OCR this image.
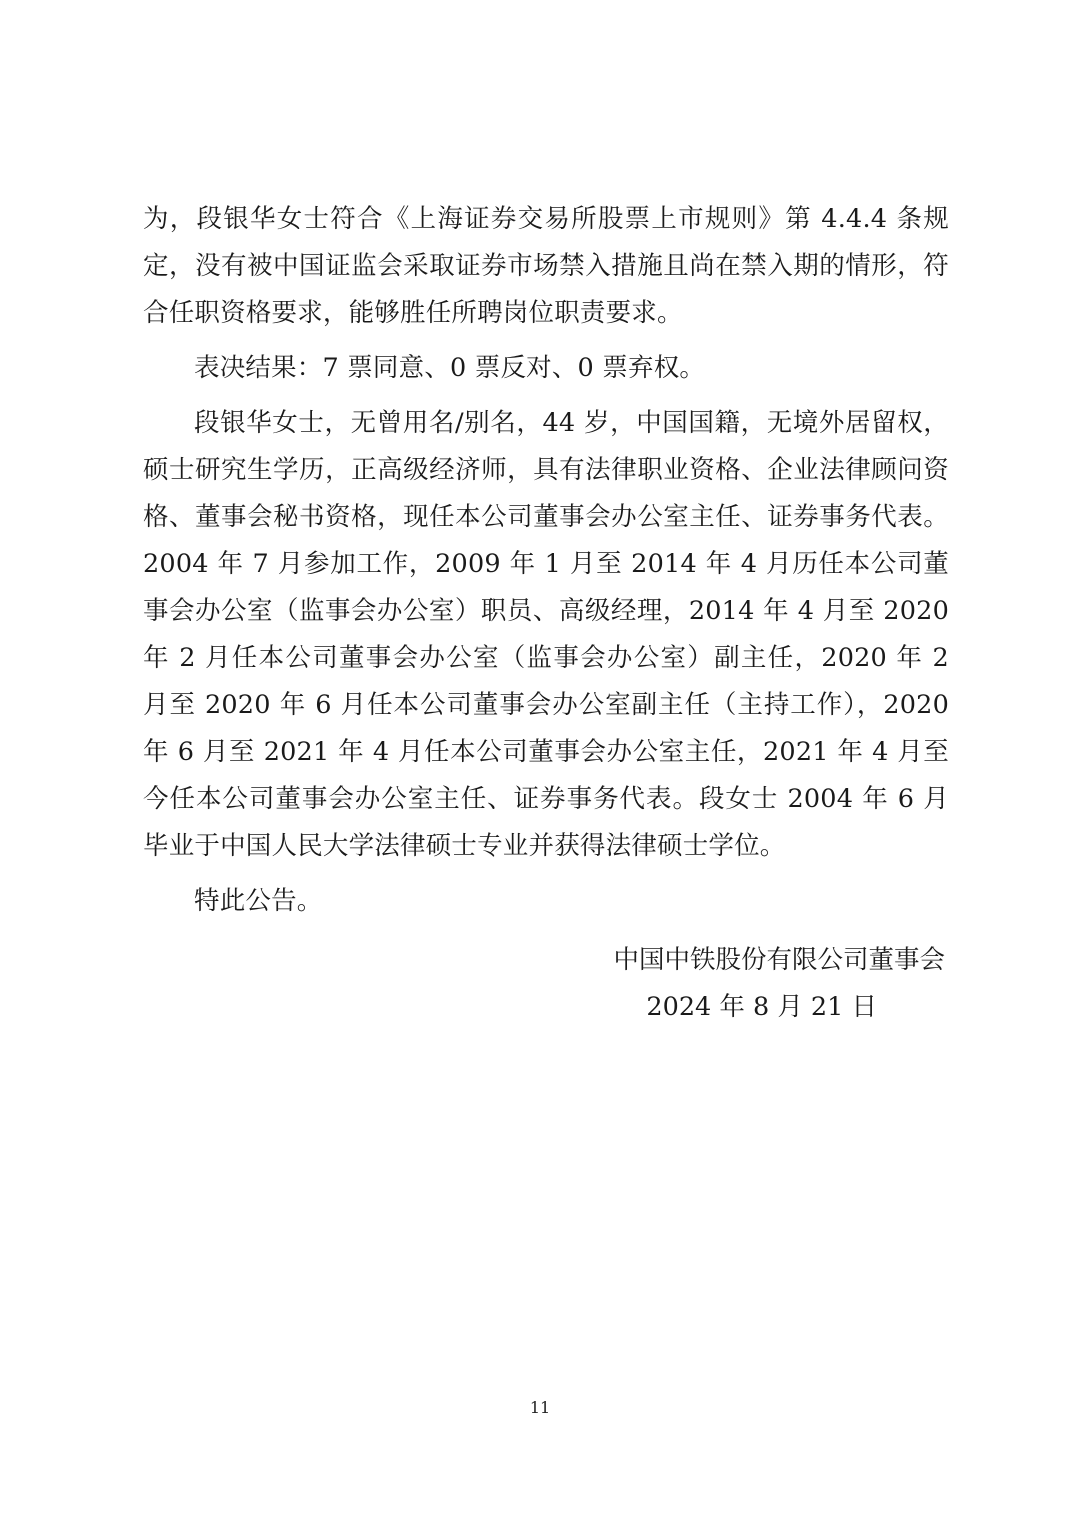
为，段银华女士符合《上海证券交易所股票上市规则》第 4.4.4 条规定，没有被中国证监会采取证券市场禁入措施且尚在禁入期的情形，符合任职资格要求，能够胜任所聘岗位职责要求。

表决结果：7 票同意、0 票反对、0 票弃权。

段银华女士，无曾用名/别名，44 岁，中国国籍，无境外居留权，硕士研究生学历，正高级经济师，具有法律职业资格、企业法律顾问资格、董事会秘书资格，现任本公司董事会办公室主任、证券事务代表。2004 年 7 月参加工作，2009 年 1 月至 2014 年 4 月历任本公司董事会办公室（监事会办公室）职员、高级经理，2014 年 4 月至 2020 年 2 月任本公司董事会办公室（监事会办公室）副主任，2020 年 2 月至 2020 年 6 月任本公司董事会办公室副主任（主持工作），2020 年 6 月至 2021 年 4 月任本公司董事会办公室主任，2021 年 4 月至今任本公司董事会办公室主任、证券事务代表。段女士 2004 年 6 月毕业于中国人民大学法律硕士专业并获得法律硕士学位。

特此公告。

中国中铁股份有限公司董事会
2024 年 8 月 21 日
11
